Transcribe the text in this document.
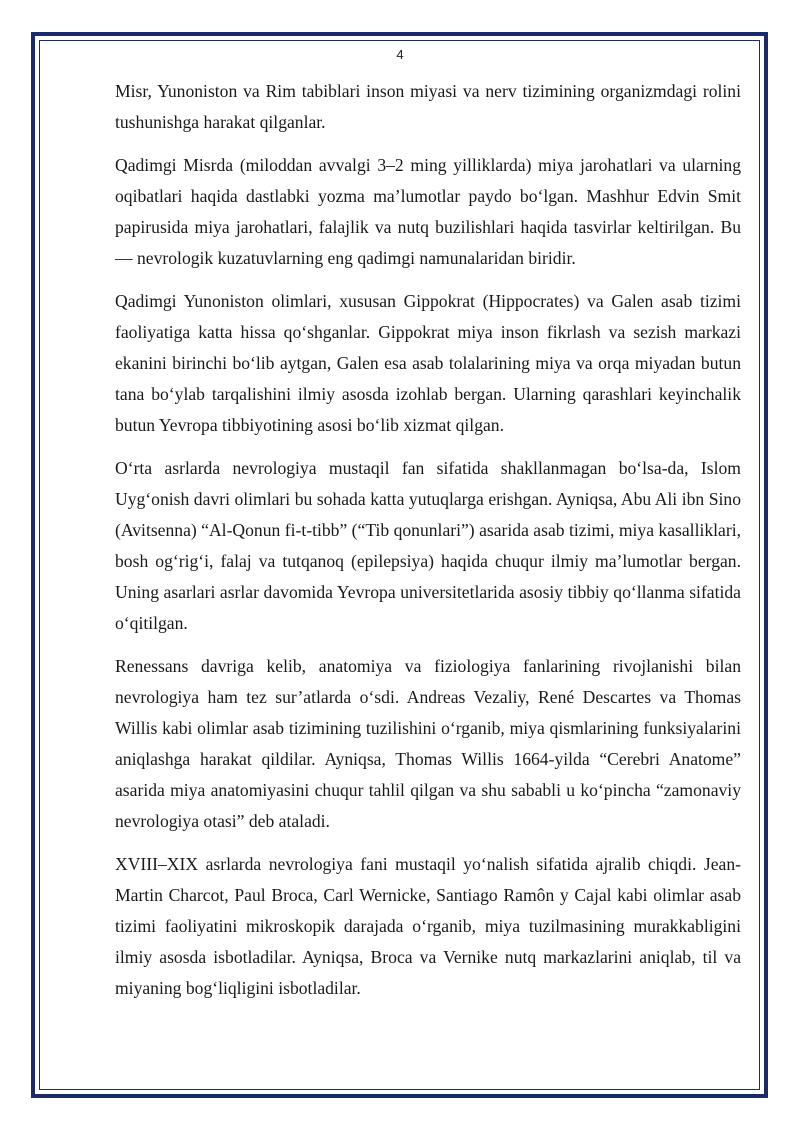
4

Misr, Yunoniston va Rim tabiblari inson miyasi va nerv tizimining organizmdagi rolini tushunishga harakat qilganlar.

Qadimgi Misrda (miloddan avvalgi 3–2 ming yilliklarda) miya jarohatlari va ularning oqibatlari haqida dastlabki yozma ma’lumotlar paydo bo‘lgan. Mashhur Edvin Smit papirusida miya jarohatlari, falajlik va nutq buzilishlari haqida tasvirlar keltirilgan. Bu — nevrologik kuzatuvlarning eng qadimgi namunalaridan biridir.

Qadimgi Yunoniston olimlari, xususan Gippokrat (Hippocrates) va Galen asab tizimi faoliyatiga katta hissa qo‘shganlar. Gippokrat miya inson fikrlash va sezish markazi ekanini birinchi bo‘lib aytgan, Galen esa asab tolalarining miya va orqa miyadan butun tana bo‘ylab tarqalishini ilmiy asosda izohlab bergan. Ularning qarashlari keyinchalik butun Yevropa tibbiyotining asosi bo‘lib xizmat qilgan.

O‘rta asrlarda nevrologiya mustaqil fan sifatida shakllanmagan bo‘lsa-da, Islom Uyg‘onish davri olimlari bu sohada katta yutuqlarga erishgan. Ayniqsa, Abu Ali ibn Sino (Avitsenna) “Al-Qonun fi-t-tibb” (“Tib qonunlari”) asarida asab tizimi, miya kasalliklari, bosh og‘rig‘i, falaj va tutqanoq (epilepsiya) haqida chuqur ilmiy ma’lumotlar bergan. Uning asarlari asrlar davomida Yevropa universitetlarida asosiy tibbiy qo‘llanma sifatida o‘qitilgan.

Renessans davriga kelib, anatomiya va fiziologiya fanlarining rivojlanishi bilan nevrologiya ham tez sur’atlarda o‘sdi. Andreas Vezaliy, René Descartes va Thomas Willis kabi olimlar asab tizimining tuzilishini o‘rganib, miya qismlarining funksiyalarini aniqlashga harakat qildilar. Ayniqsa, Thomas Willis 1664-yilda “Cerebri Anatome” asarida miya anatomiyasini chuqur tahlil qilgan va shu sababli u ko‘pincha “zamonaviy nevrologiya otasi” deb ataladi.

XVIII–XIX asrlarda nevrologiya fani mustaqil yo‘nalish sifatida ajralib chiqdi. Jean-Martin Charcot, Paul Broca, Carl Wernicke, Santiago Ramôn y Cajal kabi olimlar asab tizimi faoliyatini mikroskopik darajada o‘rganib, miya tuzilmasining murakkabligini ilmiy asosda isbotladilar. Ayniqsa, Broca va Vernike nutq markazlarini aniqlab, til va miyaning bog‘liqligini isbotladilar.
